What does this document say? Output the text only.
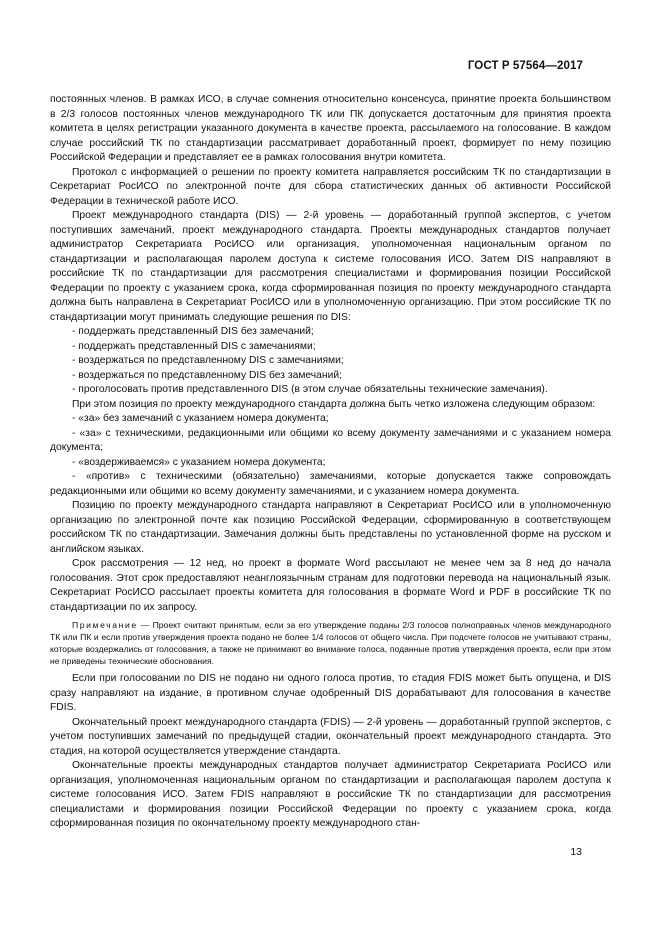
ГОСТ Р 57564—2017

постоянных членов. В рамках ИСО, в случае сомнения относительно консенсуса, принятие проекта большинством в 2/3 голосов постоянных членов международного ТК или ПК допускается достаточным для принятия проекта комитета в целях регистрации указанного документа в качестве проекта, рассылаемого на голосование. В каждом случае российский ТК по стандартизации рассматривает доработанный проект, формирует по нему позицию Российской Федерации и представляет ее в рамках голосования внутри комитета.

Протокол с информацией о решении по проекту комитета направляется российским ТК по стандартизации в Секретариат РосИСО по электронной почте для сбора статистических данных об активности Российской Федерации в технической работе ИСО.

Проект международного стандарта (DIS) — 2-й уровень — доработанный группой экспертов, с учетом поступивших замечаний, проект международного стандарта. Проекты международных стандартов получает администратор Секретариата РосИСО или организация, уполномоченная национальным органом по стандартизации и располагающая паролем доступа к системе голосования ИСО. Затем DIS направляют в российские ТК по стандартизации для рассмотрения специалистами и формирования позиции Российской Федерации по проекту с указанием срока, когда сформированная позиция по проекту международного стандарта должна быть направлена в Секретариат РосИСО или в уполномоченную организацию. При этом российские ТК по стандартизации могут принимать следующие решения по DIS:

- поддержать представленный DIS без замечаний;

- поддержать представленный DIS с замечаниями;

- воздержаться по представленному DIS с замечаниями;

- воздержаться по представленному DIS без замечаний;

- проголосовать против представленного DIS (в этом случае обязательны технические замечания).

При этом позиция по проекту международного стандарта должна быть четко изложена следующим образом:

- «за» без замечаний с указанием номера документа;

- «за» с техническими, редакционными или общими ко всему документу замечаниями и с указанием номера документа;

- «воздерживаемся» с указанием номера документа;

- «против» с техническими (обязательно) замечаниями, которые допускается также сопровождать редакционными или общими ко всему документу замечаниями, и с указанием номера документа.

Позицию по проекту международного стандарта направляют в Секретариат РосИСО или в уполномоченную организацию по электронной почте как позицию Российской Федерации, сформированную в соответствующем российском ТК по стандартизации. Замечания должны быть представлены по установленной форме на русском и английском языках.

Срок рассмотрения — 12 нед, но проект в формате Word рассылают не менее чем за 8 нед до начала голосования. Этот срок предоставляют неанглоязычным странам для подготовки перевода на национальный язык. Секретариат РосИСО рассылает проекты комитета для голосования в формате Word и PDF в российские ТК по стандартизации по их запросу.

Примечание — Проект считают принятым, если за его утверждение поданы 2/3 голосов полноправных членов международного ТК или ПК и если против утверждения проекта подано не более 1/4 голосов от общего числа. При подсчете голосов не учитывают страны, которые воздержались от голосования, а также не принимают во внимание голоса, поданные против утверждения проекта, если при этом не приведены технические обоснования.

Если при голосовании по DIS не подано ни одного голоса против, то стадия FDIS может быть опущена, и DIS сразу направляют на издание, в противном случае одобренный DIS дорабатывают для голосования в качестве FDIS.

Окончательный проект международного стандарта (FDIS) — 2-й уровень — доработанный группой экспертов, с учетом поступивших замечаний по предыдущей стадии, окончательный проект международного стандарта. Это стадия, на которой осуществляется утверждение стандарта.

Окончательные проекты международных стандартов получает администратор Секретариата РосИСО или организация, уполномоченная национальным органом по стандартизации и располагающая паролем доступа к системе голосования ИСО. Затем FDIS направляют в российские ТК по стандартизации для рассмотрения специалистами и формирования позиции Российской Федерации по проекту с указанием срока, когда сформированная позиция по окончательному проекту международного стан-

13
